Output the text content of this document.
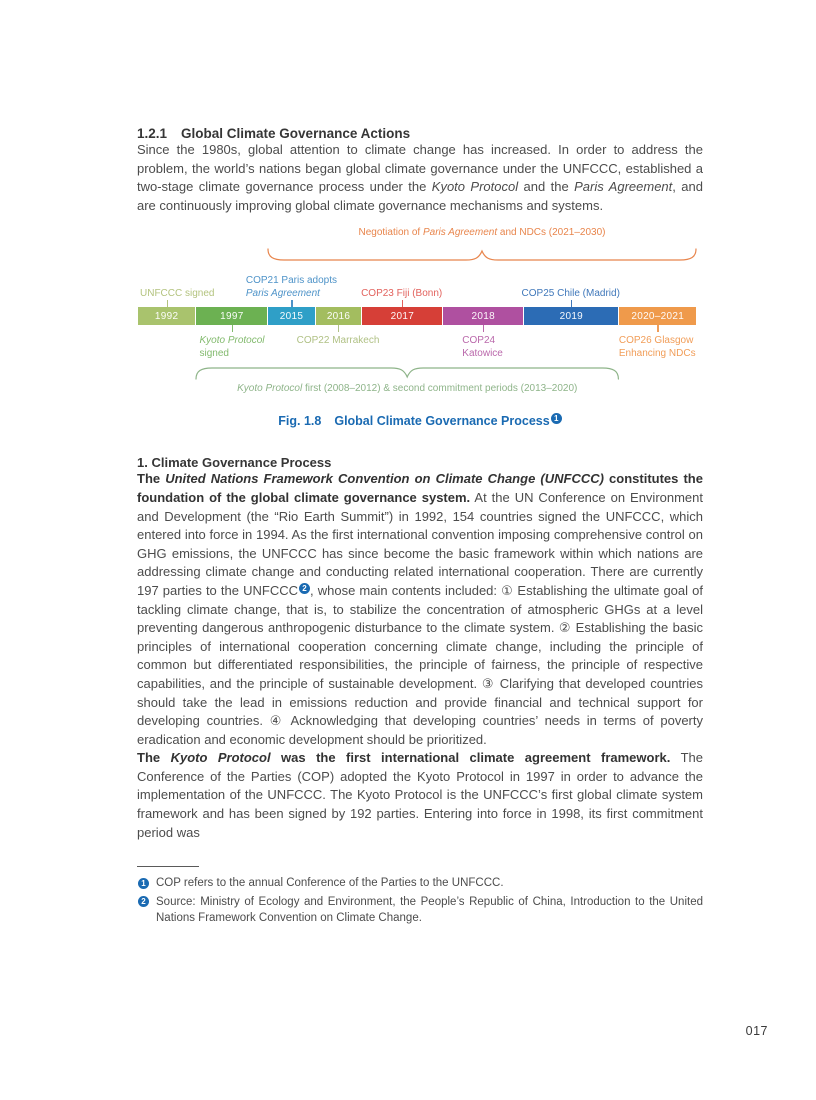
1.2.1 Global Climate Governance Actions

Since the 1980s, global attention to climate change has increased. In order to address the problem, the world’s nations began global climate governance under the UNFCCC, established a two-stage climate governance process under the Kyoto Protocol and the Paris Agreement, and are continuously improving global climate governance mechanisms and systems.

Negotiation of Paris Agreement and NDCs (2021–2030)
Kyoto Protocol first (2008–2012) & second commitment periods (2013–2020)
1992	1997	2015 2016	2017	2018	2019	2020–2021
UNFCCC signed
Kyoto Protocol
signed
COP21 Paris adopts
Paris Agreement
COP22 Marrakech
COP23 Fiji (Bonn)
COP24
Katowice
COP25 Chile (Madrid)
COP26 Glasgow
Enhancing NDCs
Fig. 1.8 Global Climate Governance Process 1
1. Climate Governance Process

The United Nations Framework Convention on Climate Change (UNFCCC) constitutes the foundation of the global climate governance system. At the UN Conference on Environment and Development (the “Rio Earth Summit”) in 1992, 154 countries signed the UNFCCC, which entered into force in 1994. As the first international convention imposing comprehensive control on GHG emissions, the UNFCCC has since become the basic framework within which nations are addressing climate change and conducting related international cooperation. There are currently 197 parties to the UNFCCC 2 , whose main contents included: ① Establishing the ultimate goal of tackling climate change, that is, to stabilize the concentration of atmospheric GHGs at a level preventing dangerous anthropogenic disturbance to the climate system. ② Establishing the basic principles of international cooperation concerning climate change, including the principle of common but differentiated responsibilities, the principle of fairness, the principle of respective capabilities, and the principle of sustainable development. ③ Clarifying that developed countries should take the lead in emissions reduction and provide financial and technical support for developing countries. ④ Acknowledging that developing countries’ needs in terms of poverty eradication and economic development should be prioritized.

The Kyoto Protocol was the first international climate agreement framework. The Conference of the Parties (COP) adopted the Kyoto Protocol in 1997 in order to advance the implementation of the UNFCCC. The Kyoto Protocol is the UNFCCC’s first global climate system framework and has been signed by 192 parties. Entering into force in 1998, its first commitment period was

1 COP refers to the annual Conference of the Parties to the UNFCCC.
2 Source: Ministry of Ecology and Environment, the People’s Republic of China, Introduction to the United Nations Framework Convention on Climate Change.
017
